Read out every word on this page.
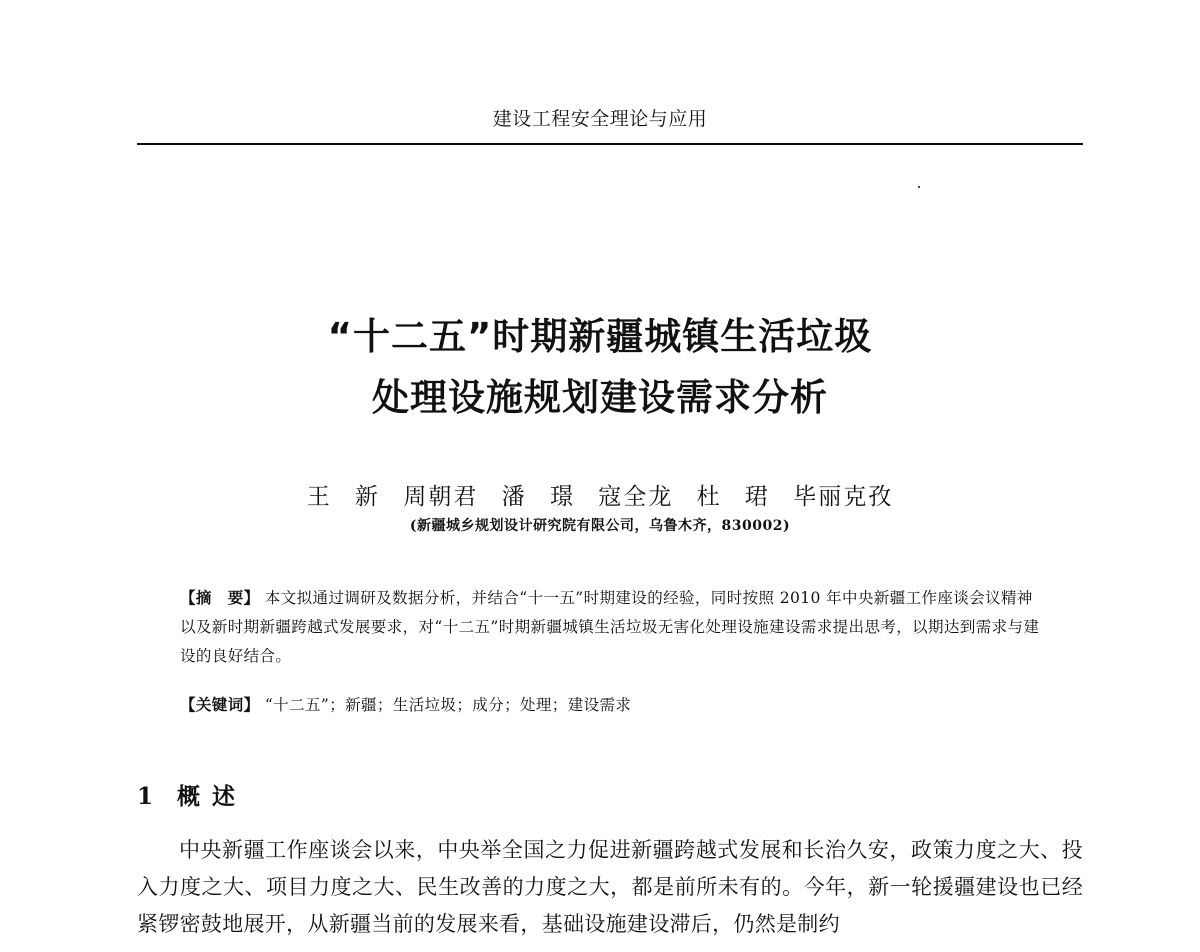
建设工程安全理论与应用
“十二五”时期新疆城镇生活垃圾
处理设施规划建设需求分析
王 新 周朝君 潘 璟 寇全龙 杜 珺 毕丽克孜
(新疆城乡规划设计研究院有限公司，乌鲁木齐，830002)

【摘　要】 本文拟通过调研及数据分析，并结合“十一五”时期建设的经验，同时按照 2010 年中央新疆工作座谈会议精神以及新时期新疆跨越式发展要求，对“十二五”时期新疆城镇生活垃圾无害化处理设施建设需求提出思考，以期达到需求与建设的良好结合。

【关键词】 “十二五”；新疆；生活垃圾；成分；处理；建设需求
1 概述

中央新疆工作座谈会以来，中央举全国之力促进新疆跨越式发展和长治久安，政策力度之大、投入力度之大、项目力度之大、民生改善的力度之大，都是前所未有的。今年，新一轮援疆建设也已经紧锣密鼓地展开，从新疆当前的发展来看，基础设施建设滞后，仍然是制约
